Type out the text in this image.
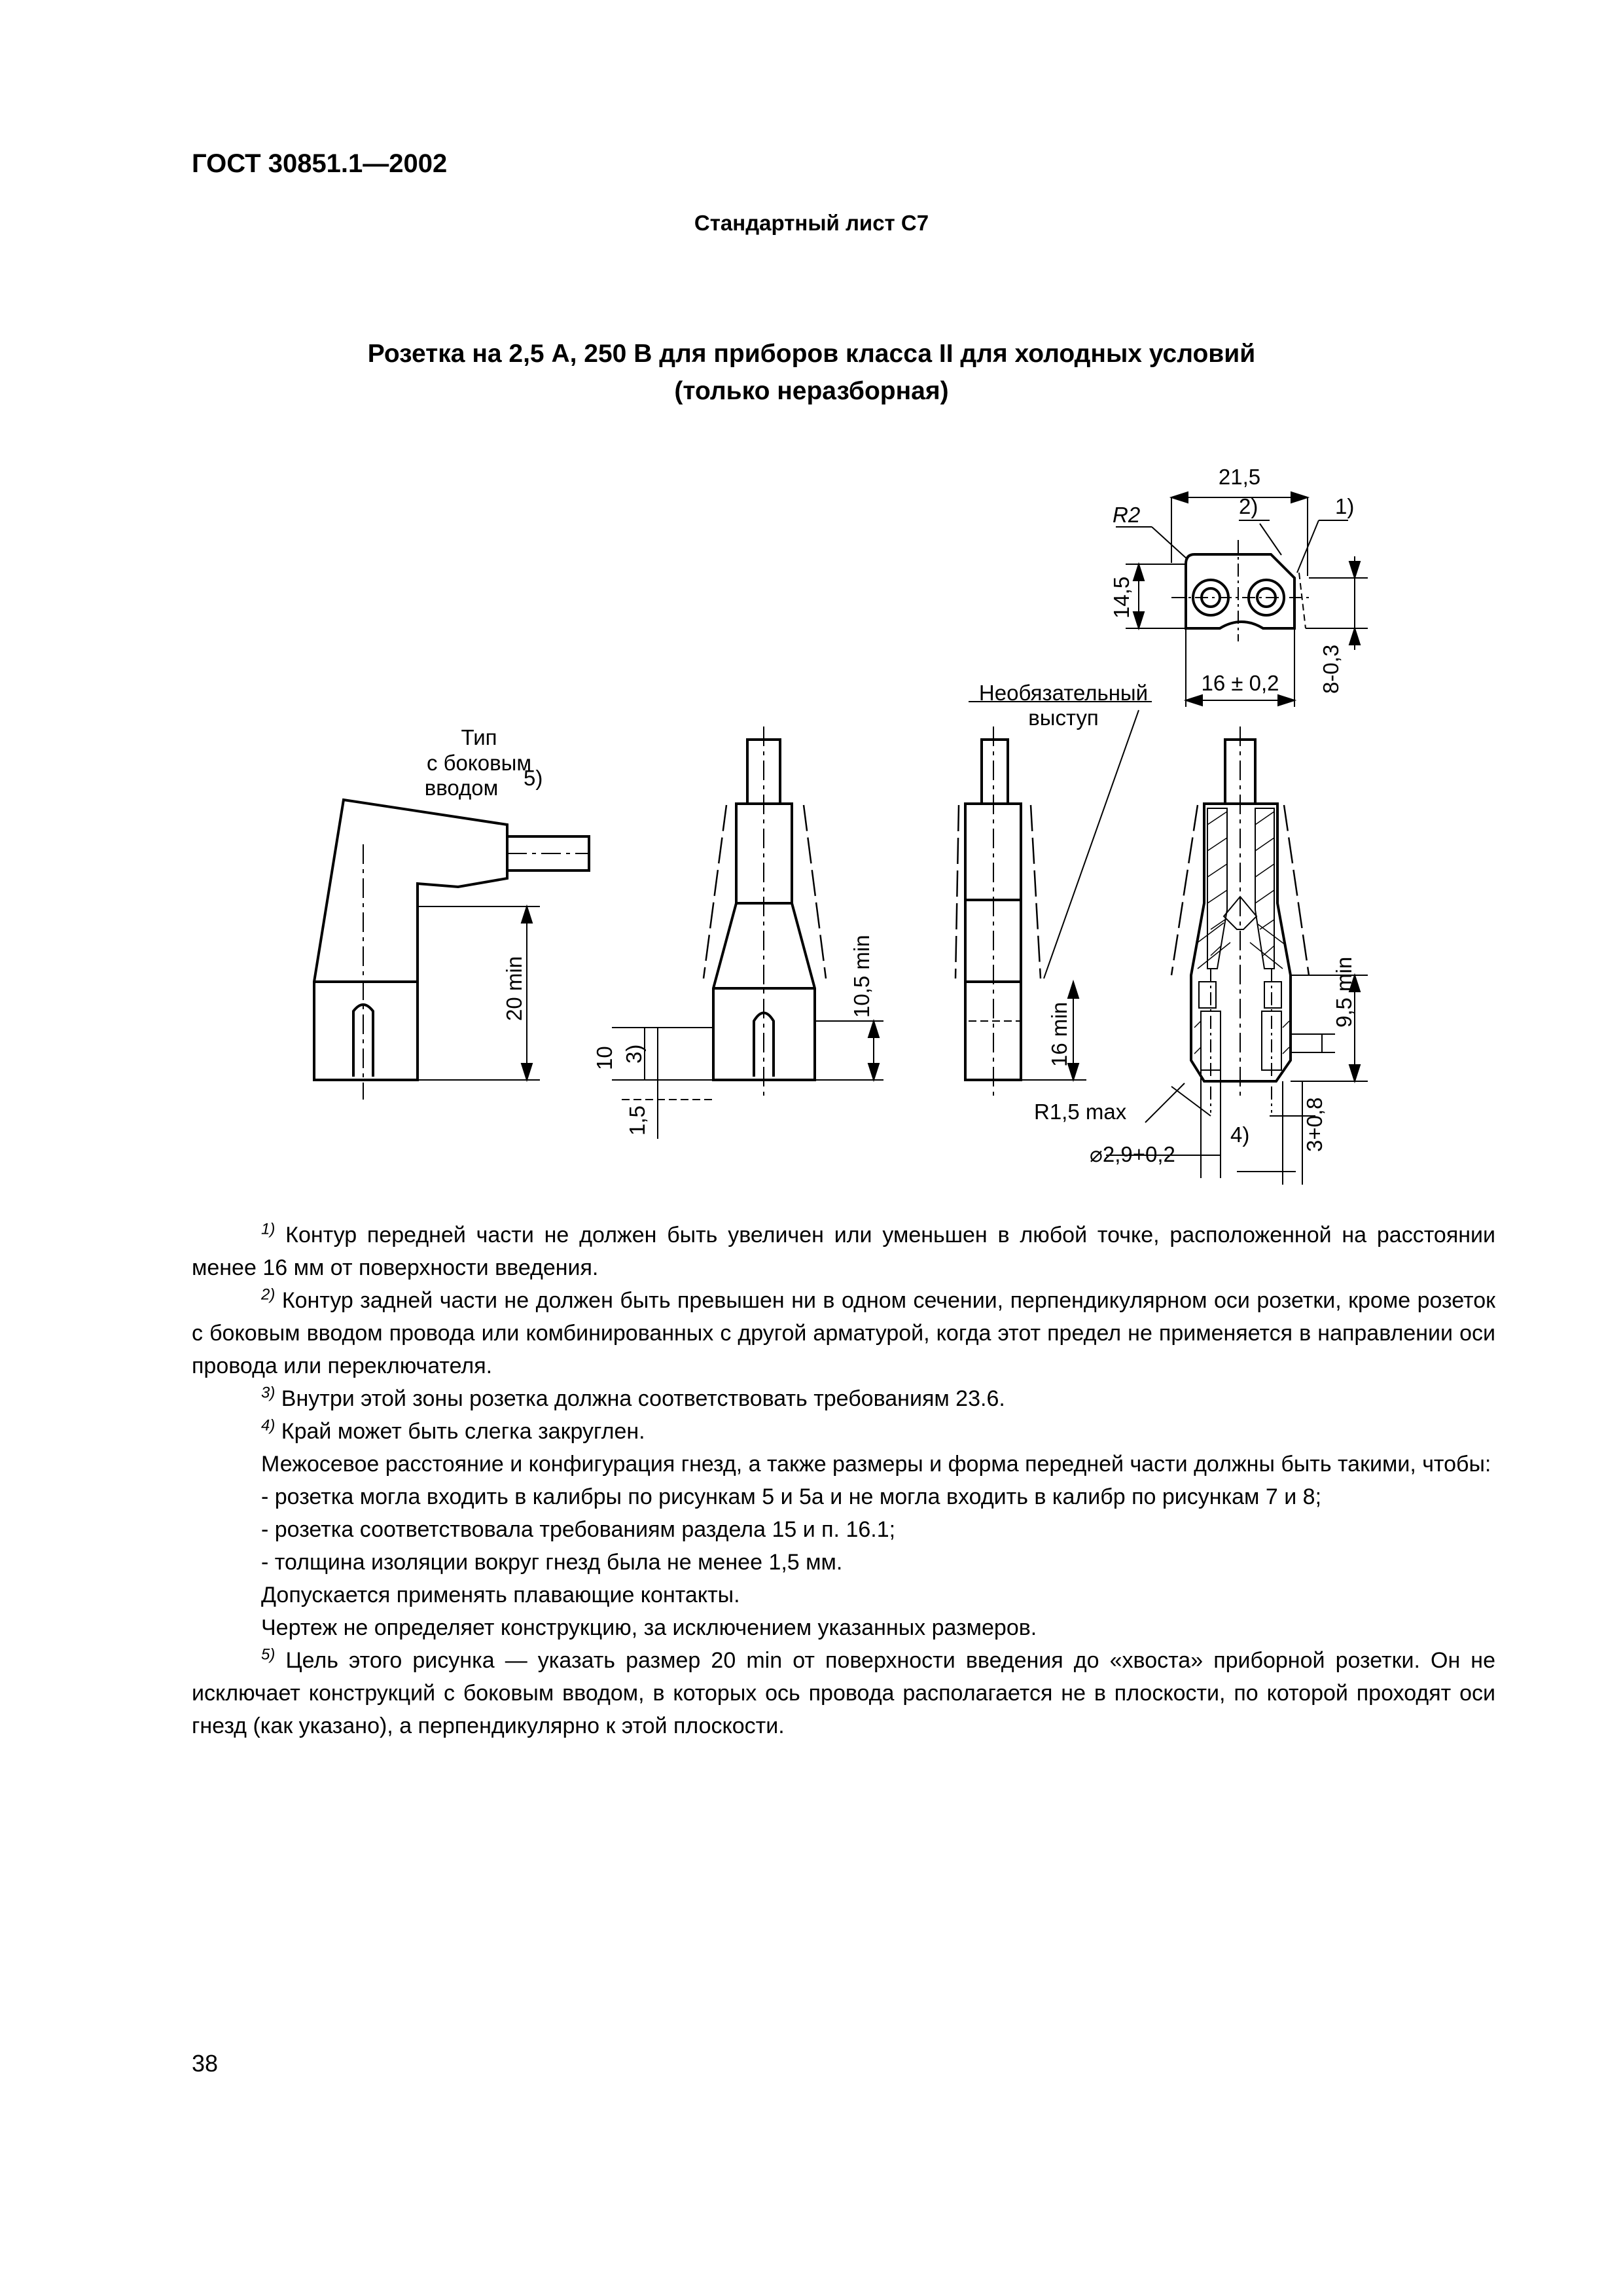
ГОСТ 30851.1—2002
Стандартный лист C7
Розетка на 2,5 А, 250 В для приборов класса II для холодных условий
(только неразборная)
Тип
с боковым
вводом 5)
Необязательный
выступ
R2	2)	1)
21,5
16 ± 0,2
14,5
8-0,3
20 min	10,5 min
10 3)
1,5
16 min
9,5 min
R1,5 max
⌀2,9+0,2
4) 3+0,8

$^{1)}$ Контур передней части не должен быть увеличен или уменьшен в любой точке, расположенной на расстоянии менее 16 мм от поверхности введения.

$^{2)}$ Контур задней части не должен быть превышен ни в одном сечении, перпендикулярном оси розетки, кроме розеток с боковым вводом провода или комбинированных с другой арматурой, когда этот предел не применяется в направлении оси провода или переключателя.

$^{3)}$ Внутри этой зоны розетка должна соответствовать требованиям 23.6.

$^{4)}$ Край может быть слегка закруглен.

Межосевое расстояние и конфигурация гнезд, а также размеры и форма передней части должны быть такими, чтобы:

- розетка могла входить в калибры по рисункам 5 и 5а и не могла входить в калибр по рисункам 7 и 8;

- розетка соответствовала требованиям раздела 15 и п. 16.1;

- толщина изоляции вокруг гнезд была не менее 1,5 мм.

Допускается применять плавающие контакты.

Чертеж не определяет конструкцию, за исключением указанных размеров.

$^{5)}$ Цель этого рисунка — указать размер 20 min от поверхности введения до «хвоста» приборной розетки. Он не исключает конструкций с боковым вводом, в которых ось провода располагается не в плоскости, по которой проходят оси гнезд (как указано), а перпендикулярно к этой плоскости.

38
